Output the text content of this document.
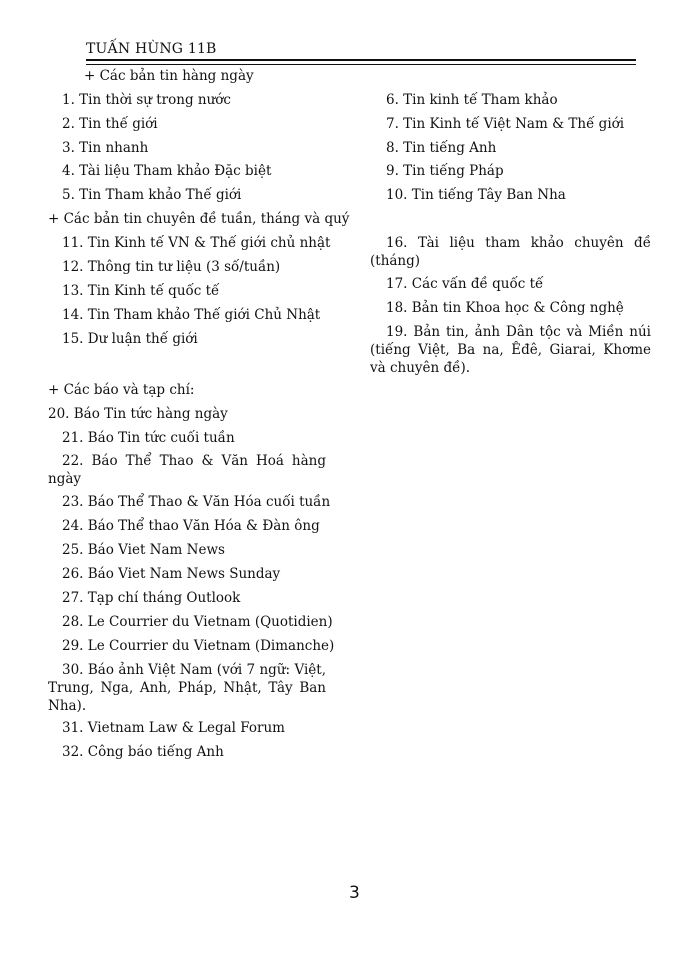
TUẤN HÙNG 11B
+ Các bản tin hàng ngày
1. Tin thời sự trong nước
2. Tin thế giới
3. Tin nhanh
4. Tài liệu Tham khảo Đặc biệt
5. Tin Tham khảo Thế giới
+ Các bản tin chuyên đề tuần, tháng và quý
11. Tin Kinh tế VN & Thế giới chủ nhật
12. Thông tin tư liệu (3 số/tuần)
13. Tin Kinh tế quốc tế
14. Tin Tham khảo Thế giới Chủ Nhật
15. Dư luận thế giới
+ Các báo và tạp chí:
20. Báo Tin tức hàng ngày
21. Báo Tin tức cuối tuần
22. Báo Thể Thao & Văn Hoá hàng ngày
23. Báo Thể Thao & Văn Hóa cuối tuần
24. Báo Thể thao Văn Hóa & Đàn ông
25. Báo Viet Nam News
26. Báo Viet Nam News Sunday
27. Tạp chí tháng Outlook
28. Le Courrier du Vietnam (Quotidien)
29. Le Courrier du Vietnam (Dimanche)
30. Báo ảnh Việt Nam (với 7 ngữ: Việt, Trung, Nga, Anh, Pháp, Nhật, Tây Ban Nha).
31. Vietnam Law & Legal Forum
32. Công báo tiếng Anh
6. Tin kinh tế Tham khảo
7. Tin Kinh tế Việt Nam & Thế giới
8. Tin tiếng Anh
9. Tin tiếng Pháp
10. Tin tiếng Tây Ban Nha
16. Tài liệu tham khảo chuyên đề (tháng)
17. Các vấn đề quốc tế
18. Bản tin Khoa học & Công nghệ
19. Bản tin, ảnh Dân tộc và Miền núi (tiếng Việt, Ba na, Êđê, Giarai, Khơme và chuyên đề).
3
